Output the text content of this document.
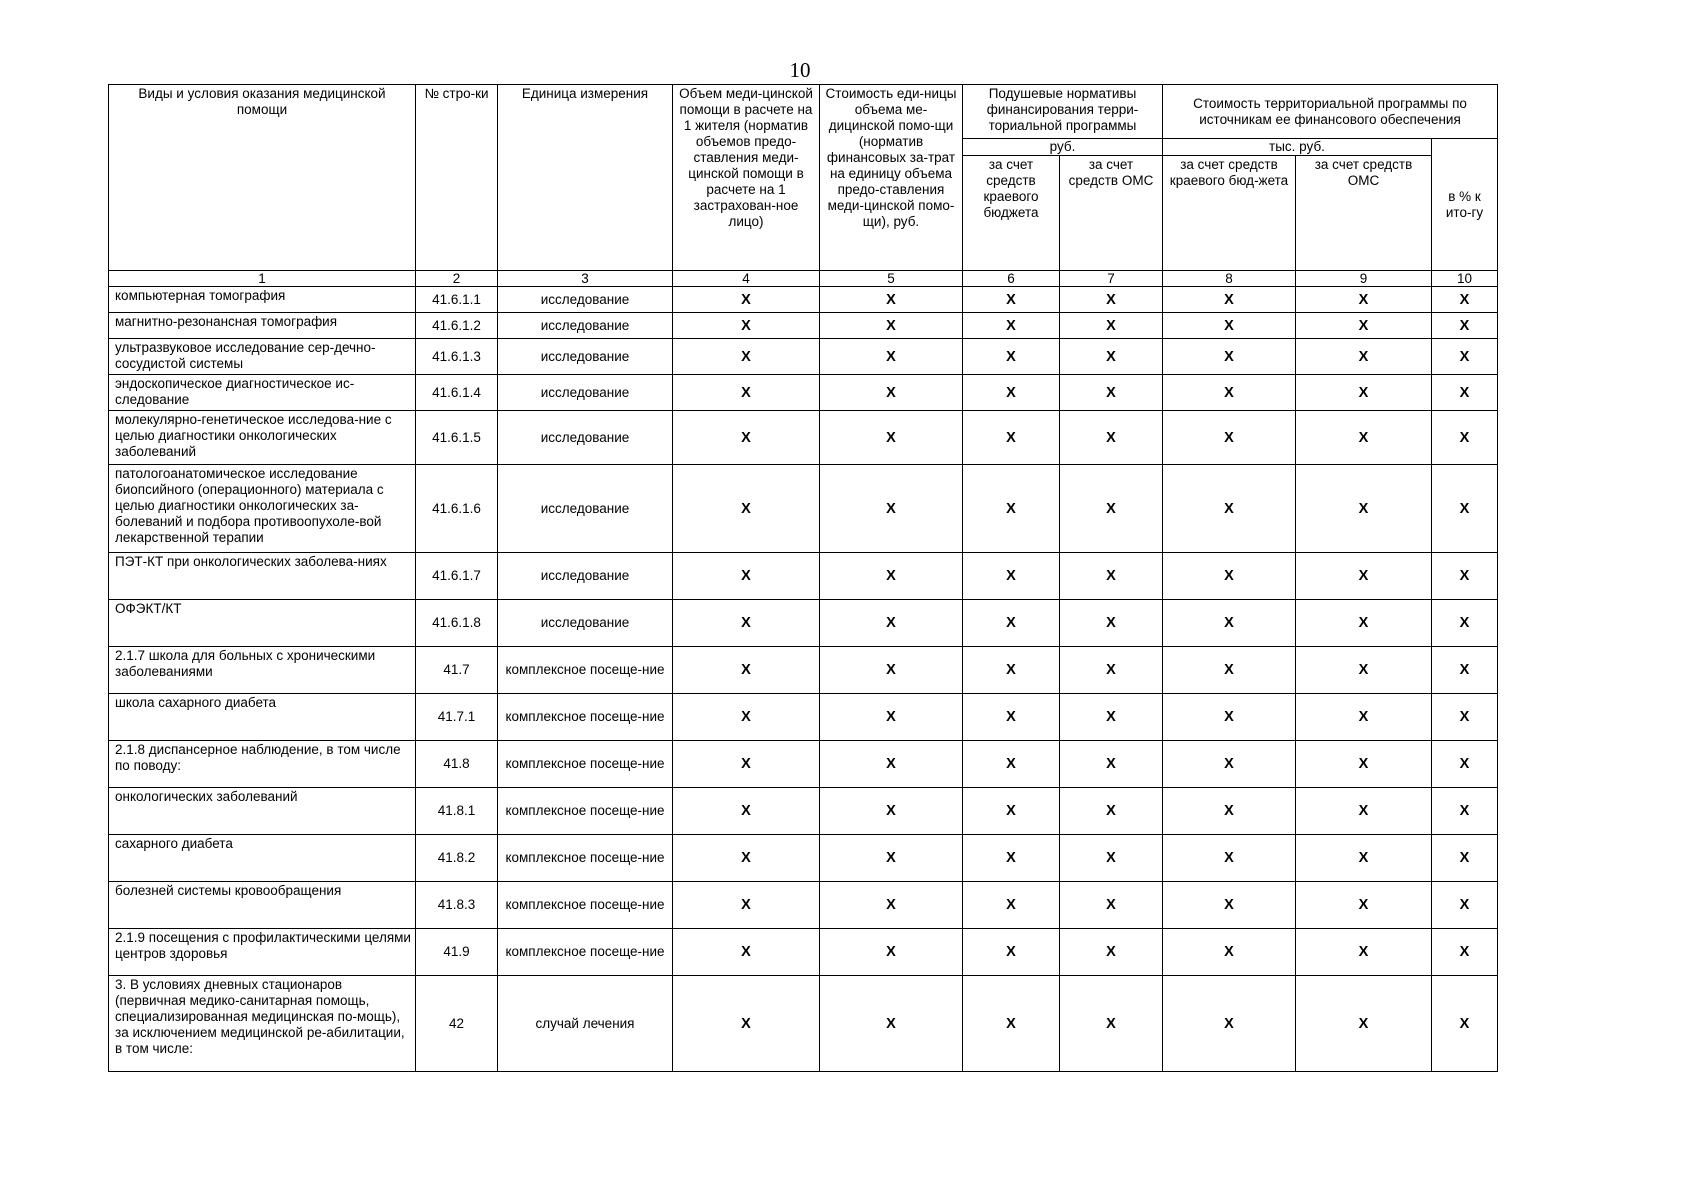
10
Виды и условия оказания медицинской помощи	№ стро-ки	Единица измерения	Объем меди-цинской помощи в расчете на 1 жителя (норматив объемов предо-ставления меди-цинской помощи в расчете на 1 застрахован-ное лицо)	Стоимость еди-ницы объема ме-дицинской помо-щи (норматив финансовых за-трат на единицу объема предо-ставления меди-цинской помо-щи), руб.	Подушевые нормативы финансирования терри-ториальной программы		Стоимость территориальной программы по источникам ее финансового обеспечения		
					руб.		тыс. руб.		в % к ито-гу
					за счет средств краевого бюджета	за счет средств ОМС	за счет средств краевого бюд-жета	за счет средств ОМС	
1	2	3	4	5	6	7	8	9	10
компьютерная томография	41.6.1.1	исследование	X	X	X	X	X	X	X
магнитно-резонансная томография	41.6.1.2	исследование	X	X	X	X	X	X	X
ультразвуковое исследование сер-дечно-сосудистой системы	41.6.1.3	исследование	X	X	X	X	X	X	X
эндоскопическое диагностическое ис-следование	41.6.1.4	исследование	X	X	X	X	X	X	X
молекулярно-генетическое исследова-ние с целью диагностики онкологических заболеваний	41.6.1.5	исследование	X	X	X	X	X	X	X
патологоанатомическое исследование биопсийного (операционного) материала с целью диагностики онкологических за-болеваний и подбора противоопухоле-вой лекарственной терапии	41.6.1.6	исследование	X	X	X	X	X	X	X
ПЭТ-КТ при онкологических заболева-ниях	41.6.1.7	исследование	X	X	X	X	X	X	X
ОФЭКТ/КТ	41.6.1.8	исследование	X	X	X	X	X	X	X
2.1.7 школа для больных с хроническими заболеваниями	41.7	комплексное посеще-ние	X	X	X	X	X	X	X
школа сахарного диабета	41.7.1	комплексное посеще-ние	X	X	X	X	X	X	X
2.1.8 диспансерное наблюдение, в том числе по поводу:	41.8	комплексное посеще-ние	X	X	X	X	X	X	X
онкологических заболеваний	41.8.1	комплексное посеще-ние	X	X	X	X	X	X	X
сахарного диабета	41.8.2	комплексное посеще-ние	X	X	X	X	X	X	X
болезней системы кровообращения	41.8.3	комплексное посеще-ние	X	X	X	X	X	X	X
2.1.9 посещения с профилактическими целями центров здоровья	41.9	комплексное посеще-ние	X	X	X	X	X	X	X
3. В условиях дневных стационаров (первичная медико-санитарная помощь, специализированная медицинская по-мощь), за исключением медицинской ре-абилитации, в том числе:	42	случай лечения	X	X	X	X	X	X	X
